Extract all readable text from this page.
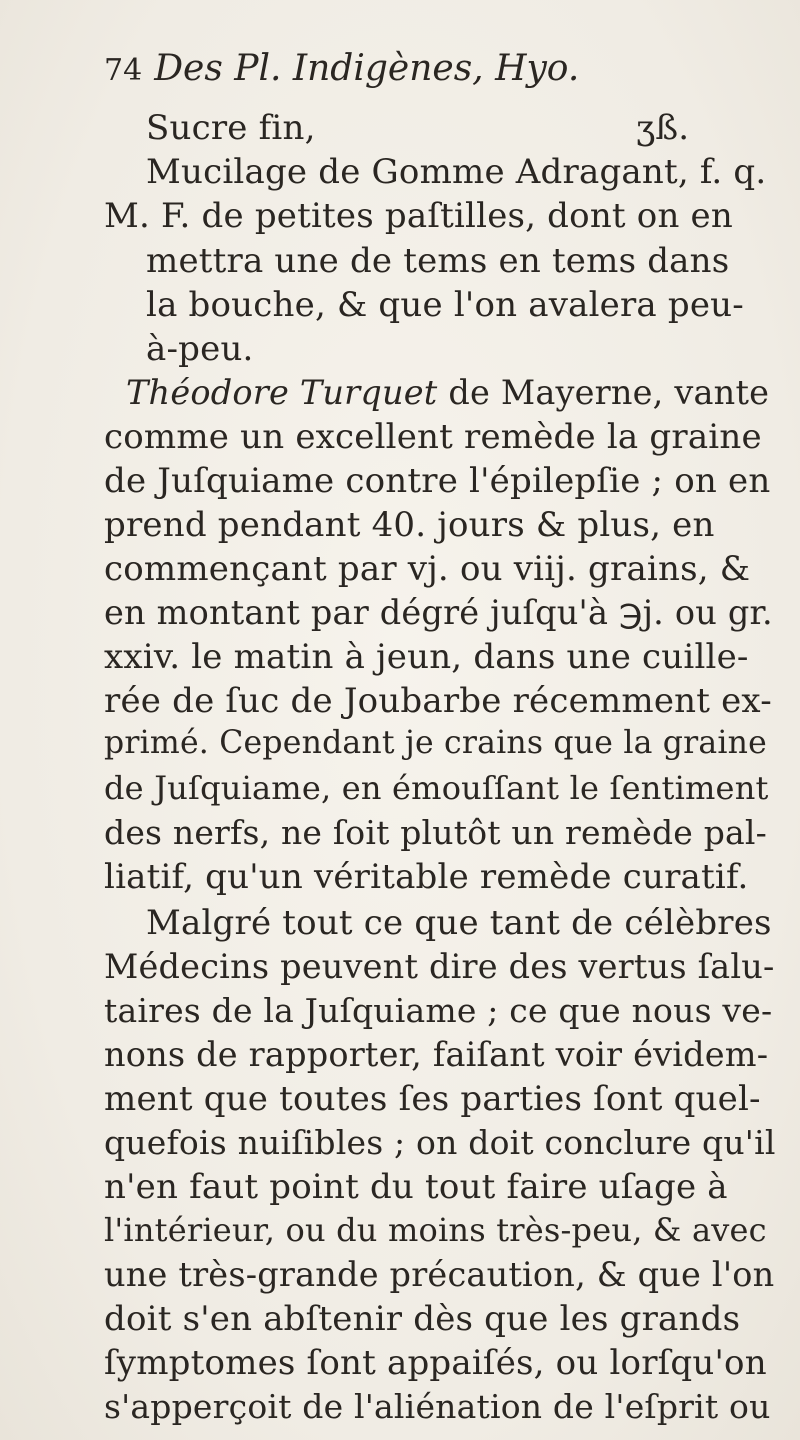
74 Des Pl. Indigènes, Hyo.
Sucre fin,	ʒß.
Mucilage de Gomme Adragant, f. q.
M. F. de petites paſtilles, dont on en
mettra une de tems en tems dans
la bouche, & que l'on avalera peu-
à-peu.
Théodore Turquet de Mayerne, vante
comme un excellent remède la graine
de Juſquiame contre l'épilepſie ; on en
prend pendant 40. jours & plus, en
commençant par vj. ou viij. grains, &
en montant par dégré juſqu'à ℈j. ou gr.
xxiv. le matin à jeun, dans une cuille-
rée de ſuc de Joubarbe récemment ex-
primé. Cependant je crains que la graine
de Juſquiame, en émouſſant le ſentiment
des nerfs, ne ſoit plutôt un remède pal-
liatif, qu'un véritable remède curatif.
Malgré tout ce que tant de célèbres
Médecins peuvent dire des vertus ſalu-
taires de la Juſquiame ; ce que nous ve-
nons de rapporter, faiſant voir évidem-
ment que toutes ſes parties ſont quel-
quefois nuiſibles ; on doit conclure qu'il
n'en faut point du tout faire uſage à
l'intérieur, ou du moins très-peu, & avec
une très-grande précaution, & que l'on
doit s'en abſtenir dès que les grands
ſymptomes ſont appaiſés, ou lorſqu'on
s'apperçoit de l'aliénation de l'eſprit ou
